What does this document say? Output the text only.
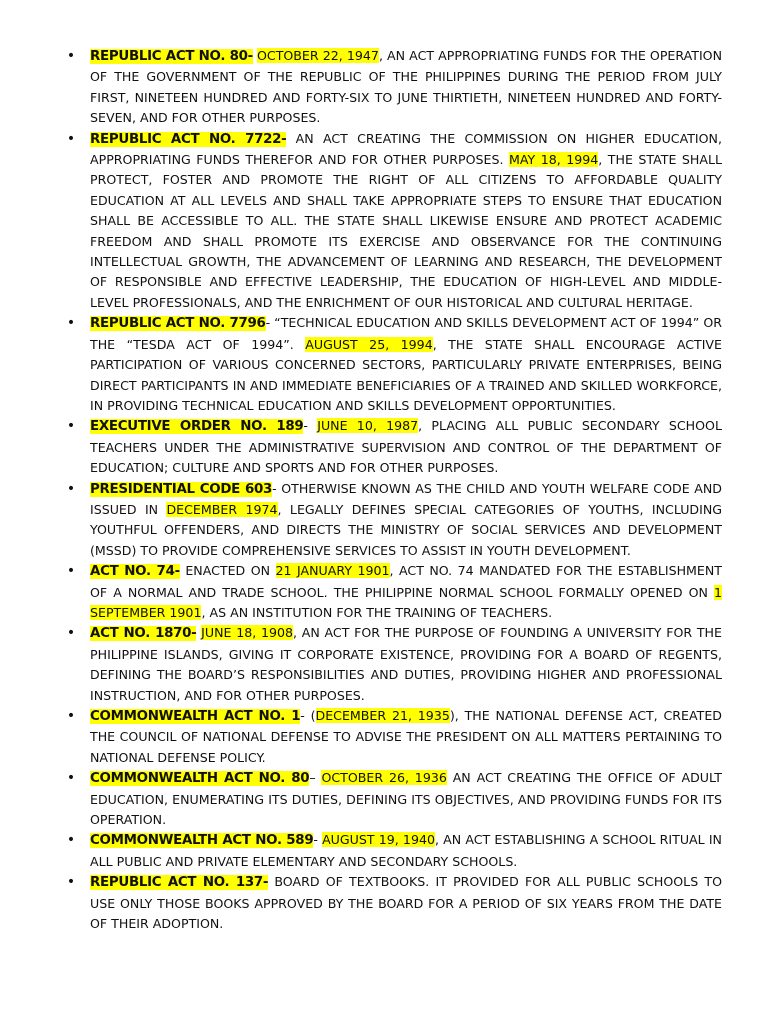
• REPUBLIC ACT NO. 80- OCTOBER 22, 1947, AN ACT APPROPRIATING FUNDS FOR THE OPERATION OF THE GOVERNMENT OF THE REPUBLIC OF THE PHILIPPINES DURING THE PERIOD FROM JULY FIRST, NINETEEN HUNDRED AND FORTY-SIX TO JUNE THIRTIETH, NINETEEN HUNDRED AND FORTY-SEVEN, AND FOR OTHER PURPOSES.
• REPUBLIC ACT NO. 7722- AN ACT CREATING THE COMMISSION ON HIGHER EDUCATION, APPROPRIATING FUNDS THEREFOR AND FOR OTHER PURPOSES. MAY 18, 1994, THE STATE SHALL PROTECT, FOSTER AND PROMOTE THE RIGHT OF ALL CITIZENS TO AFFORDABLE QUALITY EDUCATION AT ALL LEVELS AND SHALL TAKE APPROPRIATE STEPS TO ENSURE THAT EDUCATION SHALL BE ACCESSIBLE TO ALL. THE STATE SHALL LIKEWISE ENSURE AND PROTECT ACADEMIC FREEDOM AND SHALL PROMOTE ITS EXERCISE AND OBSERVANCE FOR THE CONTINUING INTELLECTUAL GROWTH, THE ADVANCEMENT OF LEARNING AND RESEARCH, THE DEVELOPMENT OF RESPONSIBLE AND EFFECTIVE LEADERSHIP, THE EDUCATION OF HIGH-LEVEL AND MIDDLE-LEVEL PROFESSIONALS, AND THE ENRICHMENT OF OUR HISTORICAL AND CULTURAL HERITAGE.
• REPUBLIC ACT NO. 7796- “TECHNICAL EDUCATION AND SKILLS DEVELOPMENT ACT OF 1994” OR THE “TESDA ACT OF 1994”. AUGUST 25, 1994, THE STATE SHALL ENCOURAGE ACTIVE PARTICIPATION OF VARIOUS CONCERNED SECTORS, PARTICULARLY PRIVATE ENTERPRISES, BEING DIRECT PARTICIPANTS IN AND IMMEDIATE BENEFICIARIES OF A TRAINED AND SKILLED WORKFORCE, IN PROVIDING TECHNICAL EDUCATION AND SKILLS DEVELOPMENT OPPORTUNITIES.
• EXECUTIVE ORDER NO. 189- JUNE 10, 1987, PLACING ALL PUBLIC SECONDARY SCHOOL TEACHERS UNDER THE ADMINISTRATIVE SUPERVISION AND CONTROL OF THE DEPARTMENT OF EDUCATION; CULTURE AND SPORTS AND FOR OTHER PURPOSES.
• PRESIDENTIAL CODE 603- OTHERWISE KNOWN AS THE CHILD AND YOUTH WELFARE CODE AND ISSUED IN DECEMBER 1974, LEGALLY DEFINES SPECIAL CATEGORIES OF YOUTHS, INCLUDING YOUTHFUL OFFENDERS, AND DIRECTS THE MINISTRY OF SOCIAL SERVICES AND DEVELOPMENT (MSSD) TO PROVIDE COMPREHENSIVE SERVICES TO ASSIST IN YOUTH DEVELOPMENT.
• ACT NO. 74- ENACTED ON 21 JANUARY 1901, ACT NO. 74 MANDATED FOR THE ESTABLISHMENT OF A NORMAL AND TRADE SCHOOL. THE PHILIPPINE NORMAL SCHOOL FORMALLY OPENED ON 1 SEPTEMBER 1901, AS AN INSTITUTION FOR THE TRAINING OF TEACHERS.
• ACT NO. 1870- JUNE 18, 1908, AN ACT FOR THE PURPOSE OF FOUNDING A UNIVERSITY FOR THE PHILIPPINE ISLANDS, GIVING IT CORPORATE EXISTENCE, PROVIDING FOR A BOARD OF REGENTS, DEFINING THE BOARD’S RESPONSIBILITIES AND DUTIES, PROVIDING HIGHER AND PROFESSIONAL INSTRUCTION, AND FOR OTHER PURPOSES.
• COMMONWEALTH ACT NO. 1- (DECEMBER 21, 1935), THE NATIONAL DEFENSE ACT, CREATED THE COUNCIL OF NATIONAL DEFENSE TO ADVISE THE PRESIDENT ON ALL MATTERS PERTAINING TO NATIONAL DEFENSE POLICY.
• COMMONWEALTH ACT NO. 80– OCTOBER 26, 1936 AN ACT CREATING THE OFFICE OF ADULT EDUCATION, ENUMERATING ITS DUTIES, DEFINING ITS OBJECTIVES, AND PROVIDING FUNDS FOR ITS OPERATION.
• COMMONWEALTH ACT NO. 589- AUGUST 19, 1940, AN ACT ESTABLISHING A SCHOOL RITUAL IN ALL PUBLIC AND PRIVATE ELEMENTARY AND SECONDARY SCHOOLS.
• REPUBLIC ACT NO. 137- BOARD OF TEXTBOOKS. IT PROVIDED FOR ALL PUBLIC SCHOOLS TO USE ONLY THOSE BOOKS APPROVED BY THE BOARD FOR A PERIOD OF SIX YEARS FROM THE DATE OF THEIR ADOPTION.
